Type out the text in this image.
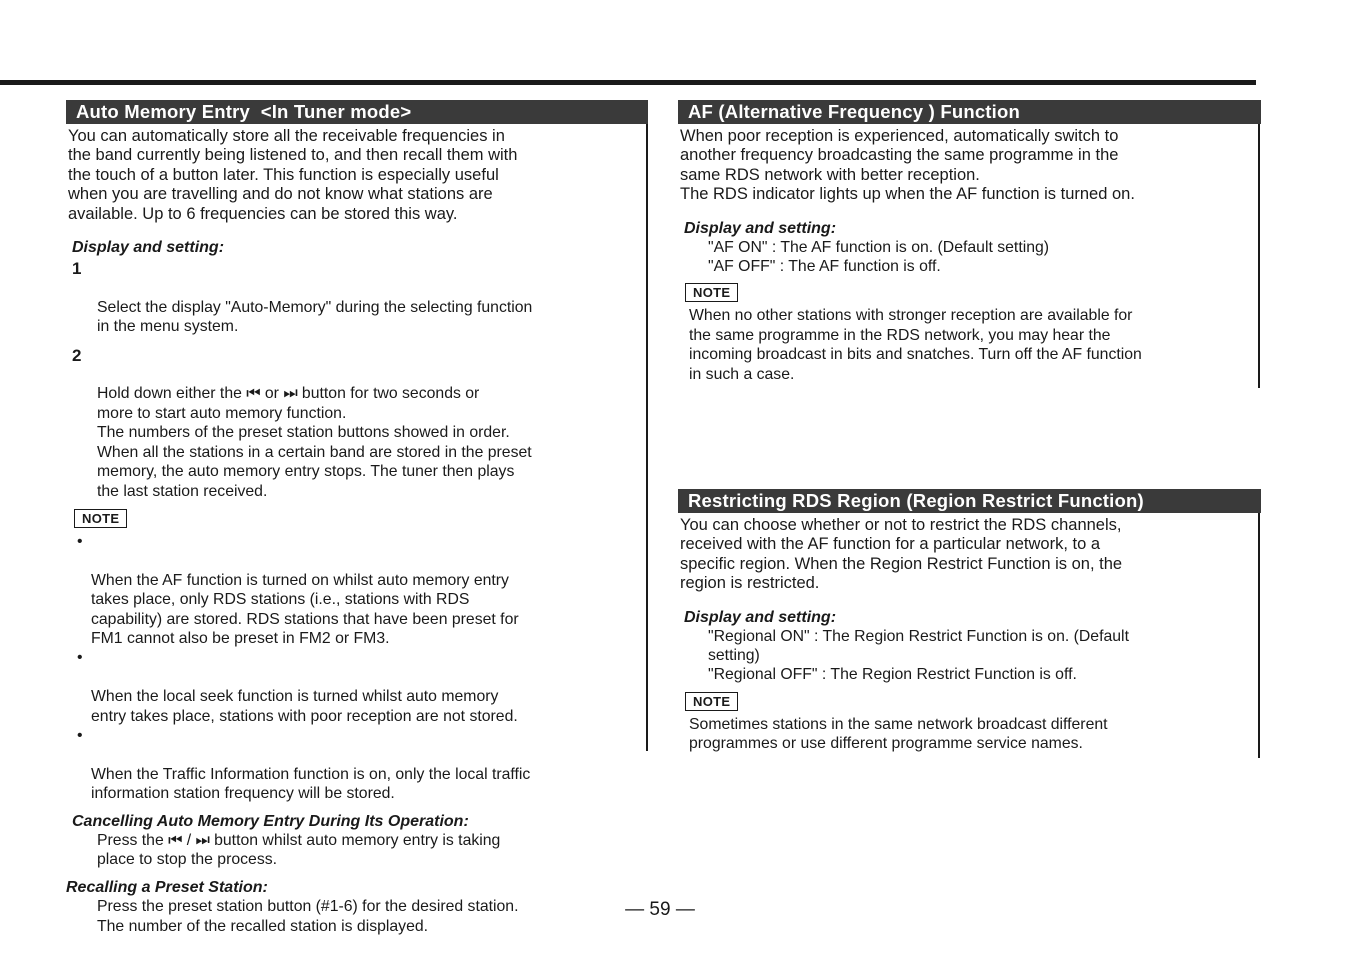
Auto Memory Entry  <In Tuner mode>
You can automatically store all the receivable frequencies in
the band currently being listened to, and then recall them with
the touch of a button later. This function is especially useful
when you are travelling and do not know what stations are
available. Up to 6 frequencies can be stored this way.
Display and setting:

1

Select the display "Auto-Memory" during the selecting function
in the menu system.

2

Hold down either the ⏮ or ⏭ button for two seconds or
more to start auto memory function.
The numbers of the preset station buttons showed in order.
When all the stations in a certain band are stored in the preset
memory, the auto memory entry stops. The tuner then plays
the last station received.

NOTE

•

When the AF function is turned on whilst auto memory entry
takes place, only RDS stations (i.e., stations with RDS
capability) are stored. RDS stations that have been preset for
FM1 cannot also be preset in FM2 or FM3.

•

When the local seek function is turned whilst auto memory
entry takes place, stations with poor reception are not stored.

•

When the Traffic Information function is on, only the local traffic
information station frequency will be stored.

Cancelling Auto Memory Entry During Its Operation:
Press the ⏮ / ⏭ button whilst auto memory entry is taking
place to stop the process.
Recalling a Preset Station:
Press the preset station button (#1-6) for the desired station.
The number of the recalled station is displayed.
AF (Alternative Frequency ) Function
When poor reception is experienced, automatically switch to
another frequency broadcasting the same programme in the
same RDS network with better reception.
The RDS indicator lights up when the AF function is turned on.
Display and setting:
"AF ON" : The AF function is on. (Default setting)
"AF OFF" : The AF function is off.
NOTE
When no other stations with stronger reception are available for
the same programme in the RDS network, you may hear the
incoming broadcast in bits and snatches. Turn off the AF function
in such a case.
Restricting RDS Region (Region Restrict Function)
You can choose whether or not to restrict the RDS channels,
received with the AF function for a particular network, to a
specific region. When the Region Restrict Function is on, the
region is restricted.
Display and setting:
"Regional ON" : The Region Restrict Function is on. (Default
setting)
"Regional OFF" : The Region Restrict Function is off.
NOTE
Sometimes stations in the same network broadcast different
programmes or use different programme service names.
— 59 —
